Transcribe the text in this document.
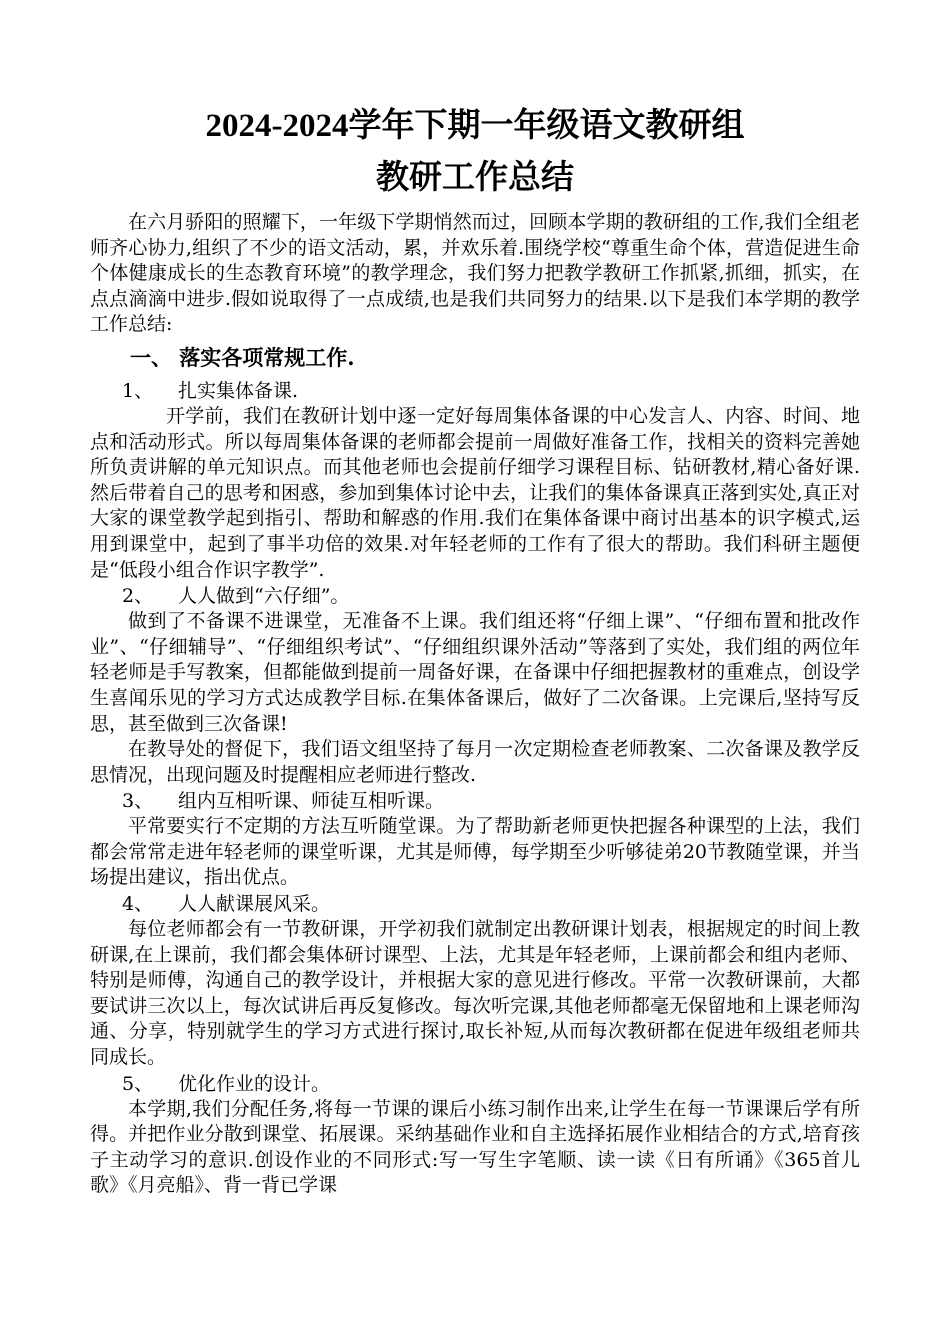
2024-2024学年下期一年级语文教研组
教研工作总结

在六月骄阳的照耀下，一年级下学期悄然而过，回顾本学期的教研组的工作,我们全组老师齐心协力,组织了不少的语文活动，累，并欢乐着.围绕学校“尊重生命个体，营造促进生命个体健康成长的生态教育环境”的教学理念，我们努力把教学教研工作抓紧,抓细，抓实，在点点滴滴中进步.假如说取得了一点成绩,也是我们共同努力的结果.以下是我们本学期的教学工作总结:

一、 落实各项常规工作.
1、 扎实集体备课.

开学前，我们在教研计划中逐一定好每周集体备课的中心发言人、内容、时间、地点和活动形式。所以每周集体备课的老师都会提前一周做好准备工作，找相关的资料完善她所负责讲解的单元知识点。而其他老师也会提前仔细学习课程目标、钻研教材,精心备好课.然后带着自己的思考和困惑，参加到集体讨论中去，让我们的集体备课真正落到实处,真正对大家的课堂教学起到指引、帮助和解惑的作用.我们在集体备课中商讨出基本的识字模式,运用到课堂中，起到了事半功倍的效果.对年轻老师的工作有了很大的帮助。我们科研主题便是“低段小组合作识字教学”.

2、 人人做到“六仔细”。

做到了不备课不进课堂，无准备不上课。我们组还将“仔细上课”、“仔细布置和批改作业”、“仔细辅导”、“仔细组织考试”、“仔细组织课外活动”等落到了实处，我们组的两位年轻老师是手写教案，但都能做到提前一周备好课，在备课中仔细把握教材的重难点，创设学生喜闻乐见的学习方式达成教学目标.在集体备课后，做好了二次备课。上完课后,坚持写反思，甚至做到三次备课!

在教导处的督促下，我们语文组坚持了每月一次定期检查老师教案、二次备课及教学反思情况，出现问题及时提醒相应老师进行整改.

3、 组内互相听课、师徒互相听课。

平常要实行不定期的方法互听随堂课。为了帮助新老师更快把握各种课型的上法，我们都会常常走进年轻老师的课堂听课，尤其是师傅，每学期至少听够徒弟20节教随堂课，并当场提出建议，指出优点。

4、 人人献课展风采。

每位老师都会有一节教研课，开学初我们就制定出教研课计划表，根据规定的时间上教研课,在上课前，我们都会集体研讨课型、上法，尤其是年轻老师，上课前都会和组内老师、特别是师傅，沟通自己的教学设计，并根据大家的意见进行修改。平常一次教研课前，大都要试讲三次以上，每次试讲后再反复修改。每次听完课,其他老师都毫无保留地和上课老师沟通、分享，特别就学生的学习方式进行探讨,取长补短,从而每次教研都在促进年级组老师共同成长。

5、 优化作业的设计。

本学期,我们分配任务,将每一节课的课后小练习制作出来,让学生在每一节课课后学有所得。并把作业分散到课堂、拓展课。采纳基础作业和自主选择拓展作业相结合的方式,培育孩子主动学习的意识.创设作业的不同形式:写一写生字笔顺、读一读《日有所诵》《365首儿歌》《月亮船》、背一背已学课
